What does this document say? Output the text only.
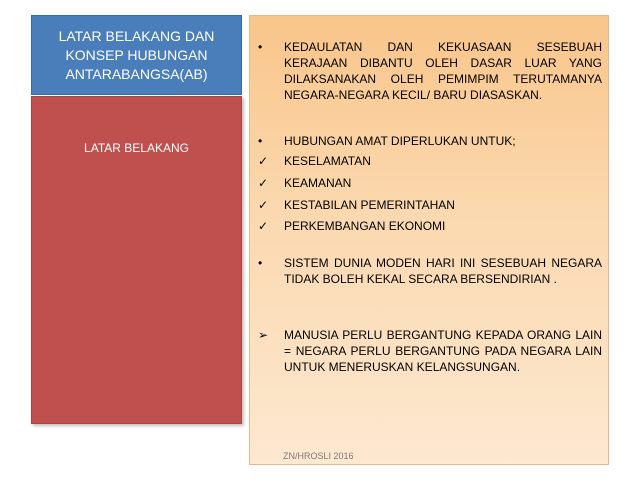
LATAR BELAKANG DAN
KONSEP HUBUNGAN
ANTARABANGSA(AB)
LATAR BELAKANG
•	KEDAULATAN DAN KEKUASAAN SESEBUAH KERAJAAN DIBANTU OLEH DASAR LUAR YANG DILAKSANAKAN OLEH PEMIMPIM TERUTAMANYA NEGARA-NEGARA KECIL/ BARU DIASASKAN.
•	HUBUNGAN AMAT DIPERLUKAN UNTUK;
✓	KESELAMATAN
✓	KEAMANAN
✓	KESTABILAN PEMERINTAHAN
✓	PERKEMBANGAN EKONOMI
•	SISTEM DUNIA MODEN HARI INI SESEBUAH NEGARA TIDAK BOLEH KEKAL SECARA BERSENDIRIAN .
➢	MANUSIA PERLU BERGANTUNG KEPADA ORANG LAIN = NEGARA PERLU BERGANTUNG PADA NEGARA LAIN UNTUK MENERUSKAN KELANGSUNGAN.
ZN/HROSLI 2016
